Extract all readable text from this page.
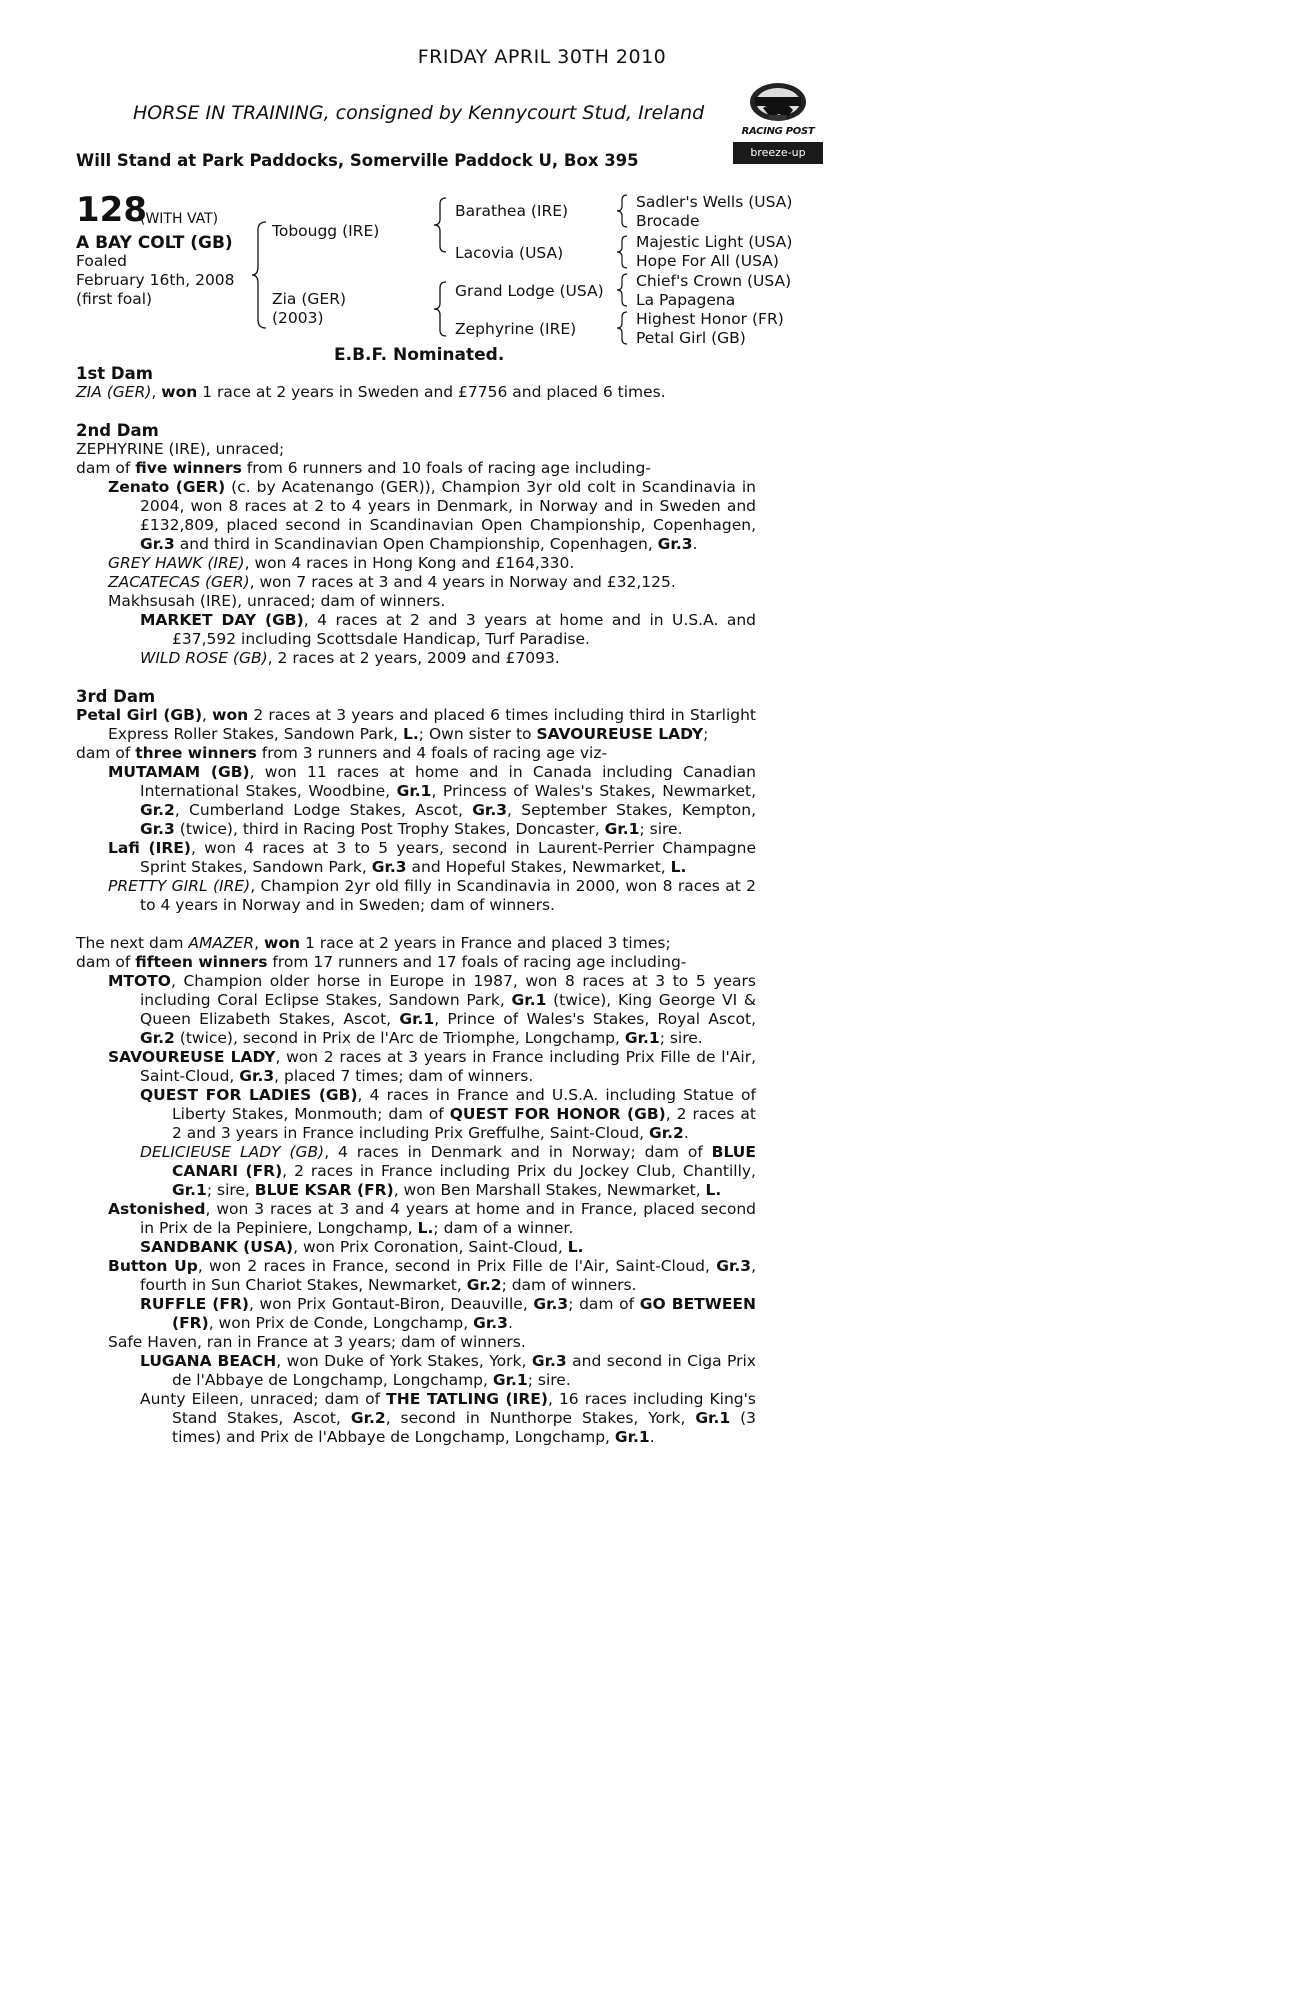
FRIDAY APRIL 30TH 2010
HORSE IN TRAINING, consigned by Kennycourt Stud, Ireland
Will Stand at Park Paddocks, Somerville Paddock U, Box 395
RACING POST
breeze-up bonus
128
(WITH VAT)
A BAY COLT (GB)
Foaled
February 16th, 2008
(first foal)
Tobougg (IRE)
Zia (GER)
(2003)
Barathea (IRE)
Lacovia (USA)
Grand Lodge (USA)
Zephyrine (IRE)
Sadler's Wells (USA)
Brocade
Majestic Light (USA)
Hope For All (USA)
Chief's Crown (USA)
La Papagena
Highest Honor (FR)
Petal Girl (GB)
E.B.F. Nominated.

1st Dam

ZIA (GER), won 1 race at 2 years in Sweden and £7756 and placed 6 times.

2nd Dam

ZEPHYRINE (IRE), unraced;

dam of five winners from 6 runners and 10 foals of racing age including-

Zenato (GER) (c. by Acatenango (GER)), Champion 3yr old colt in Scandinavia in 2004, won 8 races at 2 to 4 years in Denmark, in Norway and in Sweden and £132,809, placed second in Scandinavian Open Championship, Copenhagen, Gr.3 and third in Scandinavian Open Championship, Copenhagen, Gr.3.

GREY HAWK (IRE), won 4 races in Hong Kong and £164,330.

ZACATECAS (GER), won 7 races at 3 and 4 years in Norway and £32,125.

Makhsusah (IRE), unraced; dam of winners.

MARKET DAY (GB), 4 races at 2 and 3 years at home and in U.S.A. and £37,592 including Scottsdale Handicap, Turf Paradise.

WILD ROSE (GB), 2 races at 2 years, 2009 and £7093.

3rd Dam

Petal Girl (GB), won 2 races at 3 years and placed 6 times including third in Starlight Express Roller Stakes, Sandown Park, L.; Own sister to SAVOUREUSE LADY;

dam of three winners from 3 runners and 4 foals of racing age viz-

MUTAMAM (GB), won 11 races at home and in Canada including Canadian International Stakes, Woodbine, Gr.1, Princess of Wales's Stakes, Newmarket, Gr.2, Cumberland Lodge Stakes, Ascot, Gr.3, September Stakes, Kempton, Gr.3 (twice), third in Racing Post Trophy Stakes, Doncaster, Gr.1; sire.

Lafi (IRE), won 4 races at 3 to 5 years, second in Laurent-Perrier Champagne Sprint Stakes, Sandown Park, Gr.3 and Hopeful Stakes, Newmarket, L.

PRETTY GIRL (IRE), Champion 2yr old filly in Scandinavia in 2000, won 8 races at 2 to 4 years in Norway and in Sweden; dam of winners.

The next dam AMAZER, won 1 race at 2 years in France and placed 3 times;

dam of fifteen winners from 17 runners and 17 foals of racing age including-

MTOTO, Champion older horse in Europe in 1987, won 8 races at 3 to 5 years including Coral Eclipse Stakes, Sandown Park, Gr.1 (twice), King George VI & Queen Elizabeth Stakes, Ascot, Gr.1, Prince of Wales's Stakes, Royal Ascot, Gr.2 (twice), second in Prix de l'Arc de Triomphe, Longchamp, Gr.1; sire.

SAVOUREUSE LADY, won 2 races at 3 years in France including Prix Fille de l'Air, Saint-Cloud, Gr.3, placed 7 times; dam of winners.

QUEST FOR LADIES (GB), 4 races in France and U.S.A. including Statue of Liberty Stakes, Monmouth; dam of QUEST FOR HONOR (GB), 2 races at 2 and 3 years in France including Prix Greffulhe, Saint-Cloud, Gr.2.

DELICIEUSE LADY (GB), 4 races in Denmark and in Norway; dam of BLUE CANARI (FR), 2 races in France including Prix du Jockey Club, Chantilly, Gr.1; sire, BLUE KSAR (FR), won Ben Marshall Stakes, Newmarket, L.

Astonished, won 3 races at 3 and 4 years at home and in France, placed second in Prix de la Pepiniere, Longchamp, L.; dam of a winner.

SANDBANK (USA), won Prix Coronation, Saint-Cloud, L.

Button Up, won 2 races in France, second in Prix Fille de l'Air, Saint-Cloud, Gr.3, fourth in Sun Chariot Stakes, Newmarket, Gr.2; dam of winners.

RUFFLE (FR), won Prix Gontaut-Biron, Deauville, Gr.3; dam of GO BETWEEN (FR), won Prix de Conde, Longchamp, Gr.3.

Safe Haven, ran in France at 3 years; dam of winners.

LUGANA BEACH, won Duke of York Stakes, York, Gr.3 and second in Ciga Prix de l'Abbaye de Longchamp, Longchamp, Gr.1; sire.

Aunty Eileen, unraced; dam of THE TATLING (IRE), 16 races including King's Stand Stakes, Ascot, Gr.2, second in Nunthorpe Stakes, York, Gr.1 (3 times) and Prix de l'Abbaye de Longchamp, Longchamp, Gr.1.
